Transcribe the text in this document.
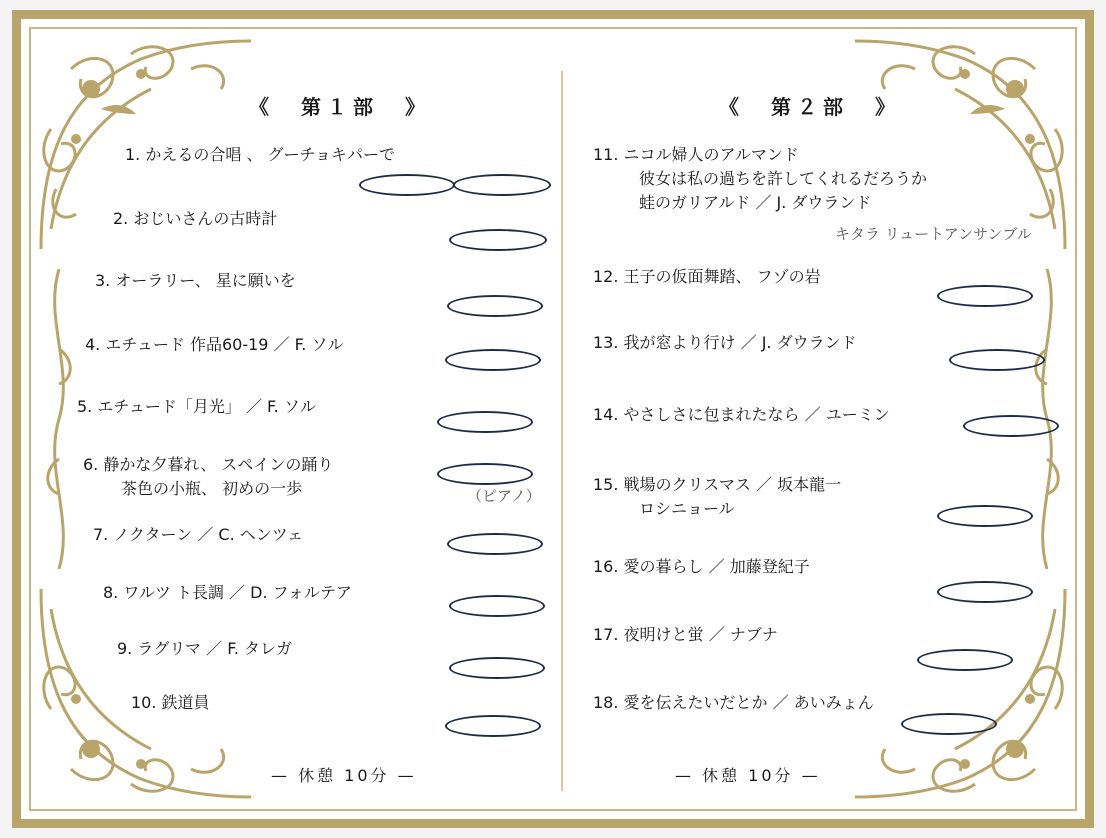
《　第１部　》
1. かえるの合唱 、 グーチョキパーで
2. おじいさんの古時計
3. オーラリー、 星に願いを
4. エチュード 作品60-19 ／ F. ソル
5. エチュード「月光」 ／ F. ソル
6. 静かな夕暮れ、 スペインの踊り
茶色の小瓶、 初めの一歩	（ピアノ）
7. ノクターン ／ C. ヘンツェ
8. ワルツ ト長調 ／ D. フォルテア
9. ラグリマ ／ F. タレガ
10. 鉄道員
— 休憩 10分 —
《　第２部　》
11. ニコル婦人のアルマンド
彼女は私の過ちを許してくれるだろうか
蛙のガリアルド ／ J. ダウランド
キタラ リュートアンサンブル
12. 王子の仮面舞踏、 フゾの岩
13. 我が窓より行け ／ J. ダウランド
14. やさしさに包まれたなら ／ ユーミン
15. 戦場のクリスマス ／ 坂本龍一
ロシニョール
16. 愛の暮らし ／ 加藤登紀子
17. 夜明けと蛍 ／ ナブナ
18. 愛を伝えたいだとか ／ あいみょん
— 休憩 10分 —
